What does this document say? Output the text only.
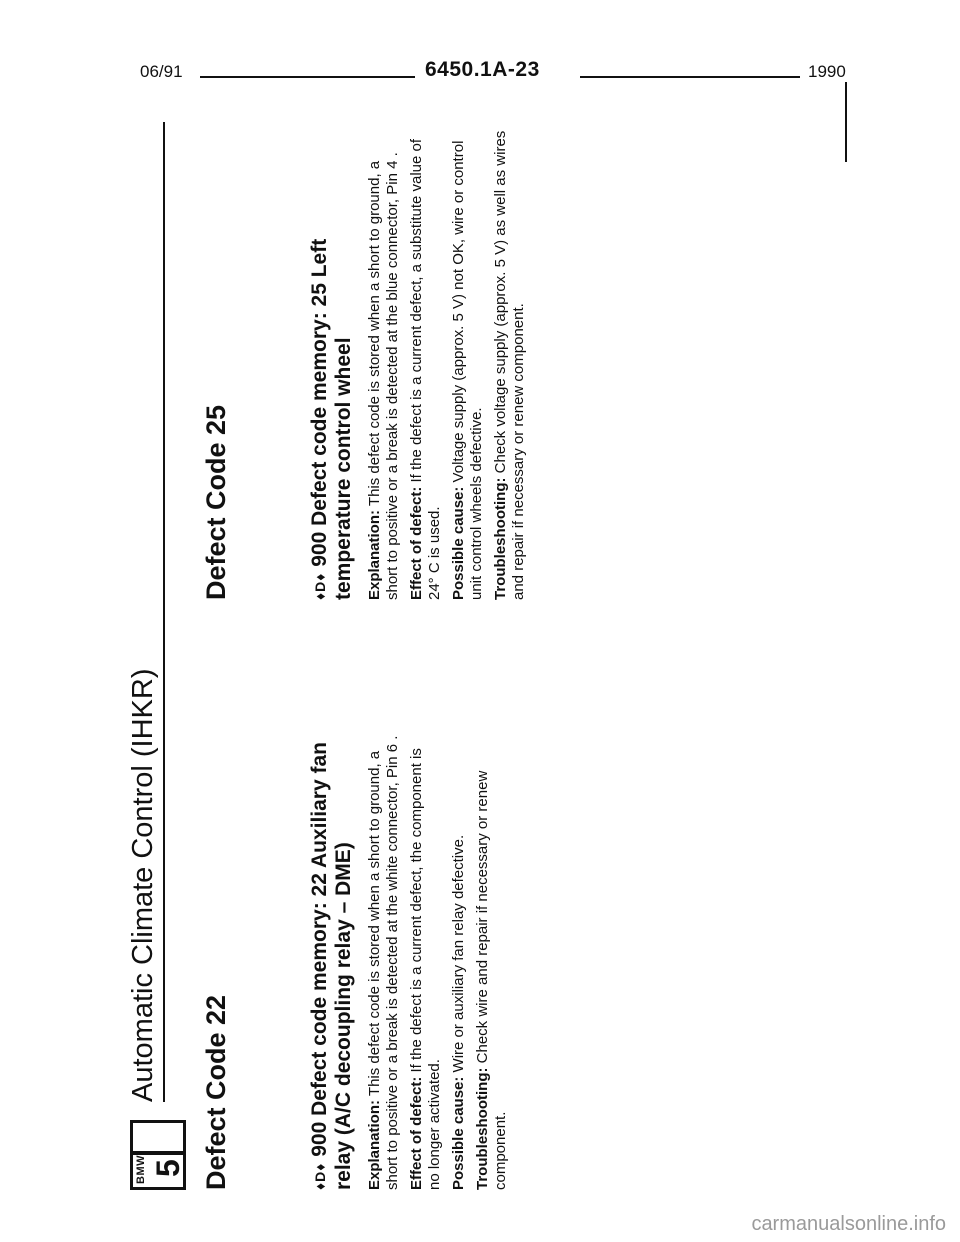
06/91	6450.1A-23	1990
BMW 5
Automatic Climate Control (IHKR) Defect Code 22	♦D♦ 900 Defect code memory: 22 Auxiliary fan relay (A/C decoupling relay – DME) Explanation: This defect code is stored when a short to ground, a short to positive or a break is detected at the white connector, Pin 6 . Effect of defect: If the defect is a current defect, the component is no longer activated. Possible cause: Wire or auxiliary fan relay defective.

Troubleshooting: Check wire and repair if necessary or renew component.

Defect Code 25	♦D♦ 900 Defect code memory: 25 Left temperature control wheel Explanation: This defect code is stored when a short to ground, a short to positive or a break is detected at the blue connector, Pin 4 . Effect of defect: If the defect is a current defect, a substitute value of 24° C is used. Possible cause: Voltage supply (approx. 5 V) not OK, wire or control unit control wheels defective. Troubleshooting: Check voltage supply (approx. 5 V) as well as wires and repair if necessary or renew component.

carmanualsonline.info
